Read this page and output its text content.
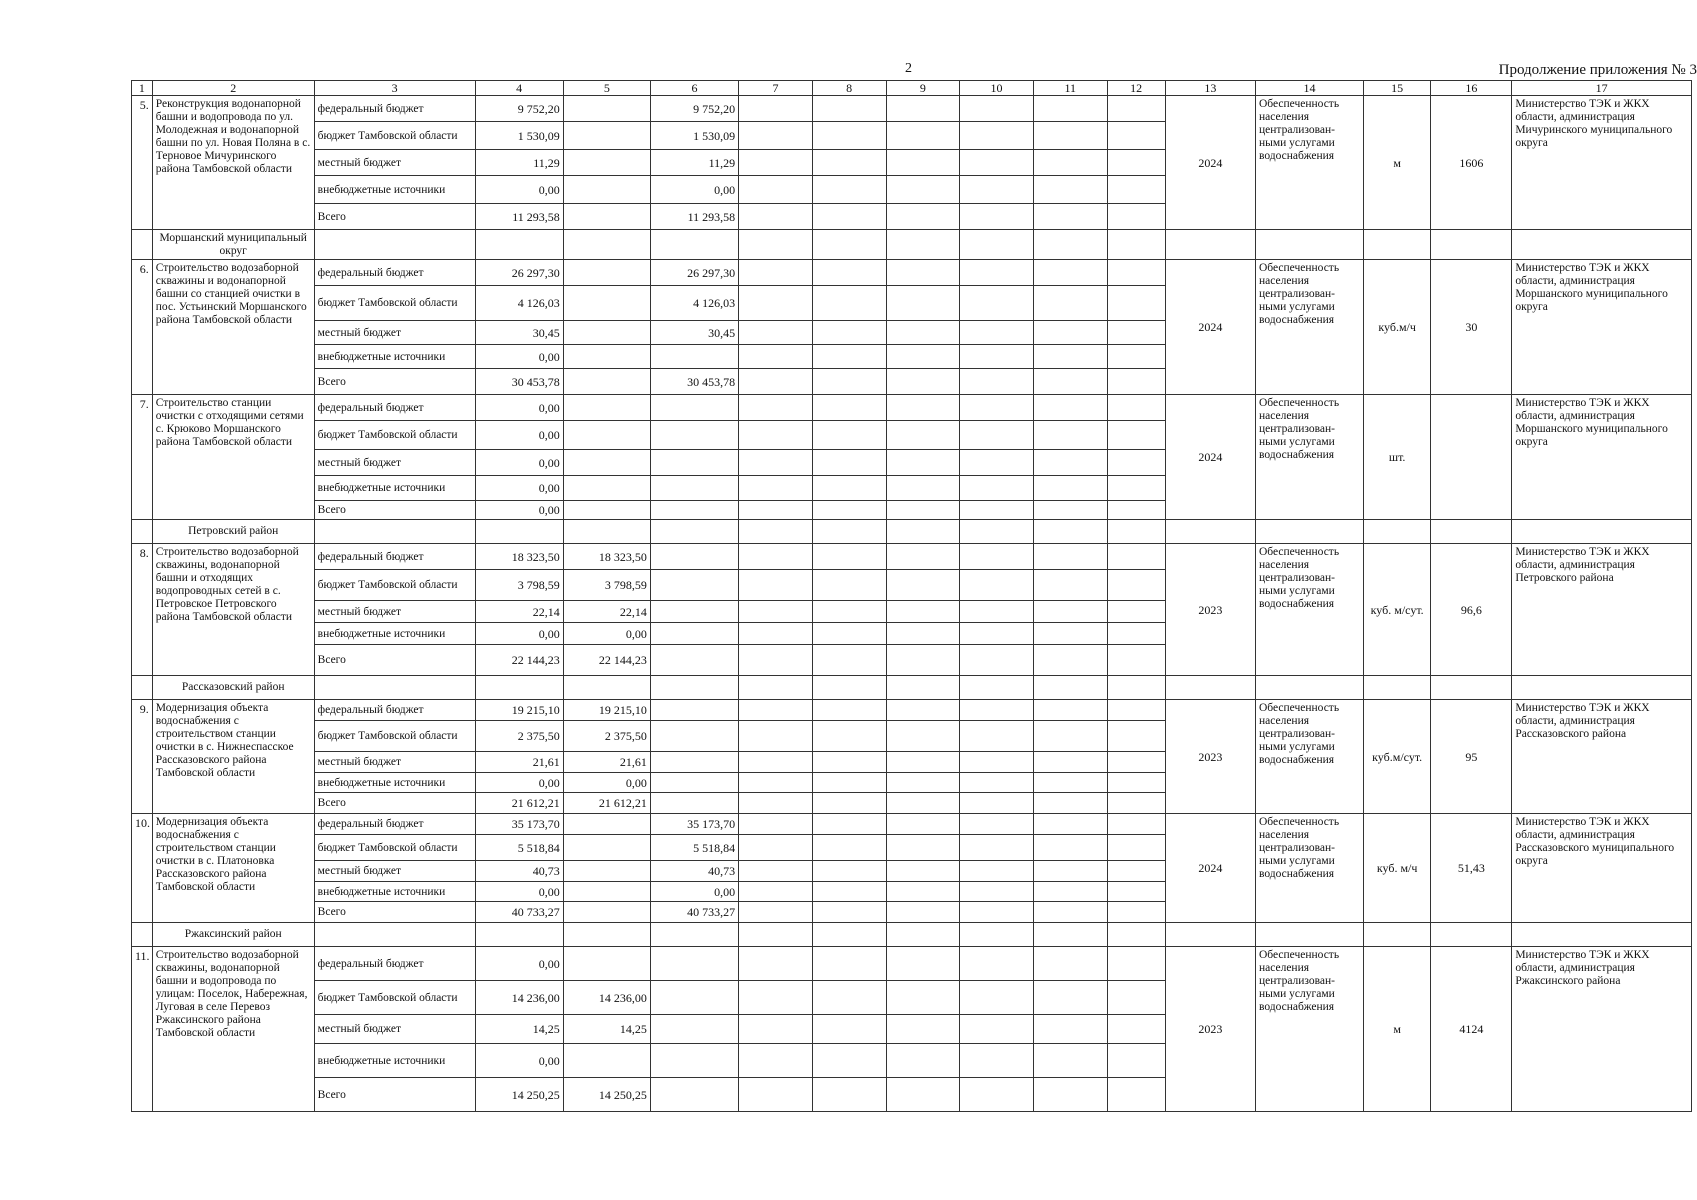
2	Продолжение приложения № 3
1	2	3	4	5	6	7	8	9	10	11	12	13	14	15	16	17
5.	Реконструкция водонапорной башни и водопровода по ул. Молодежная и водонапорной башни по ул. Новая Поляна в с. Терновое Мичуринского района Тамбовской области	федеральный бюджет	9 752,20		9 752,20							2024	Обеспеченность населения централизован-ными услугами водоснабжения	м	1606	Министерство ТЭК и ЖКХ области, администрация Мичуринского муниципального округа
		бюджет Тамбовской области	1 530,09		1 530,09											
		местный бюджет	11,29		11,29											
		внебюджетные источники	0,00		0,00											
		Всего	11 293,58		11 293,58											
	Моршанский муниципальный округ															
6.	Строительство водозаборной скважины и водонапорной башни со станцией очистки в пос. Устьинский Моршанского района Тамбовской области	федеральный бюджет	26 297,30		26 297,30							2024	Обеспеченность населения централизован-ными услугами водоснабжения	куб.м/ч	30	Министерство ТЭК и ЖКХ области, администрация Моршанского муниципального округа
		бюджет Тамбовской области	4 126,03		4 126,03											
		местный бюджет	30,45		30,45											
		внебюджетные источники	0,00													
		Всего	30 453,78		30 453,78											
7.	Строительство станции очистки с отходящими сетями с. Крюково Моршанского района Тамбовской области	федеральный бюджет	0,00									2024	Обеспеченность населения централизован-ными услугами водоснабжения	шт.		Министерство ТЭК и ЖКХ области, администрация Моршанского муниципального округа
		бюджет Тамбовской области	0,00													
		местный бюджет	0,00													
		внебюджетные источники	0,00													
		Всего	0,00													
	Петровский район															
8.	Строительство водозаборной скважины, водонапорной башни и отходящих водопроводных сетей в с. Петровское Петровского района Тамбовской области	федеральный бюджет	18 323,50	18 323,50								2023	Обеспеченность населения централизован-ными услугами водоснабжения	куб. м/сут.	96,6	Министерство ТЭК и ЖКХ области, администрация Петровского района
		бюджет Тамбовской области	3 798,59	3 798,59												
		местный бюджет	22,14	22,14												
		внебюджетные источники	0,00	0,00												
		Всего	22 144,23	22 144,23												
	Рассказовский район															
9.	Модернизация объекта водоснабжения с строительством станции очистки в с. Нижнеспасское Рассказовского района Тамбовской области	федеральный бюджет	19 215,10	19 215,10								2023	Обеспеченность населения централизован-ными услугами водоснабжения	куб.м/сут.	95	Министерство ТЭК и ЖКХ области, администрация Рассказовского района
		бюджет Тамбовской области	2 375,50	2 375,50												
		местный бюджет	21,61	21,61												
		внебюджетные источники	0,00	0,00												
		Всего	21 612,21	21 612,21												
10.	Модернизация объекта водоснабжения с строительством станции очистки в с. Платоновка Рассказовского района Тамбовской области	федеральный бюджет	35 173,70		35 173,70							2024	Обеспеченность населения централизован-ными услугами водоснабжения	куб. м/ч	51,43	Министерство ТЭК и ЖКХ области, администрация Рассказовского муниципального округа
		бюджет Тамбовской области	5 518,84		5 518,84											
		местный бюджет	40,73		40,73											
		внебюджетные источники	0,00		0,00											
		Всего	40 733,27		40 733,27											
	Ржаксинский район															
11.	Строительство водозаборной скважины, водонапорной башни и водопровода по улицам: Поселок, Набережная, Луговая в селе Перевоз Ржаксинского района Тамбовской области	федеральный бюджет	0,00									2023	Обеспеченность населения централизован-ными услугами водоснабжения	м	4124	Министерство ТЭК и ЖКХ области, администрация Ржаксинского района
		бюджет Тамбовской области	14 236,00	14 236,00												
		местный бюджет	14,25	14,25												
		внебюджетные источники	0,00													
		Всего	14 250,25	14 250,25												
